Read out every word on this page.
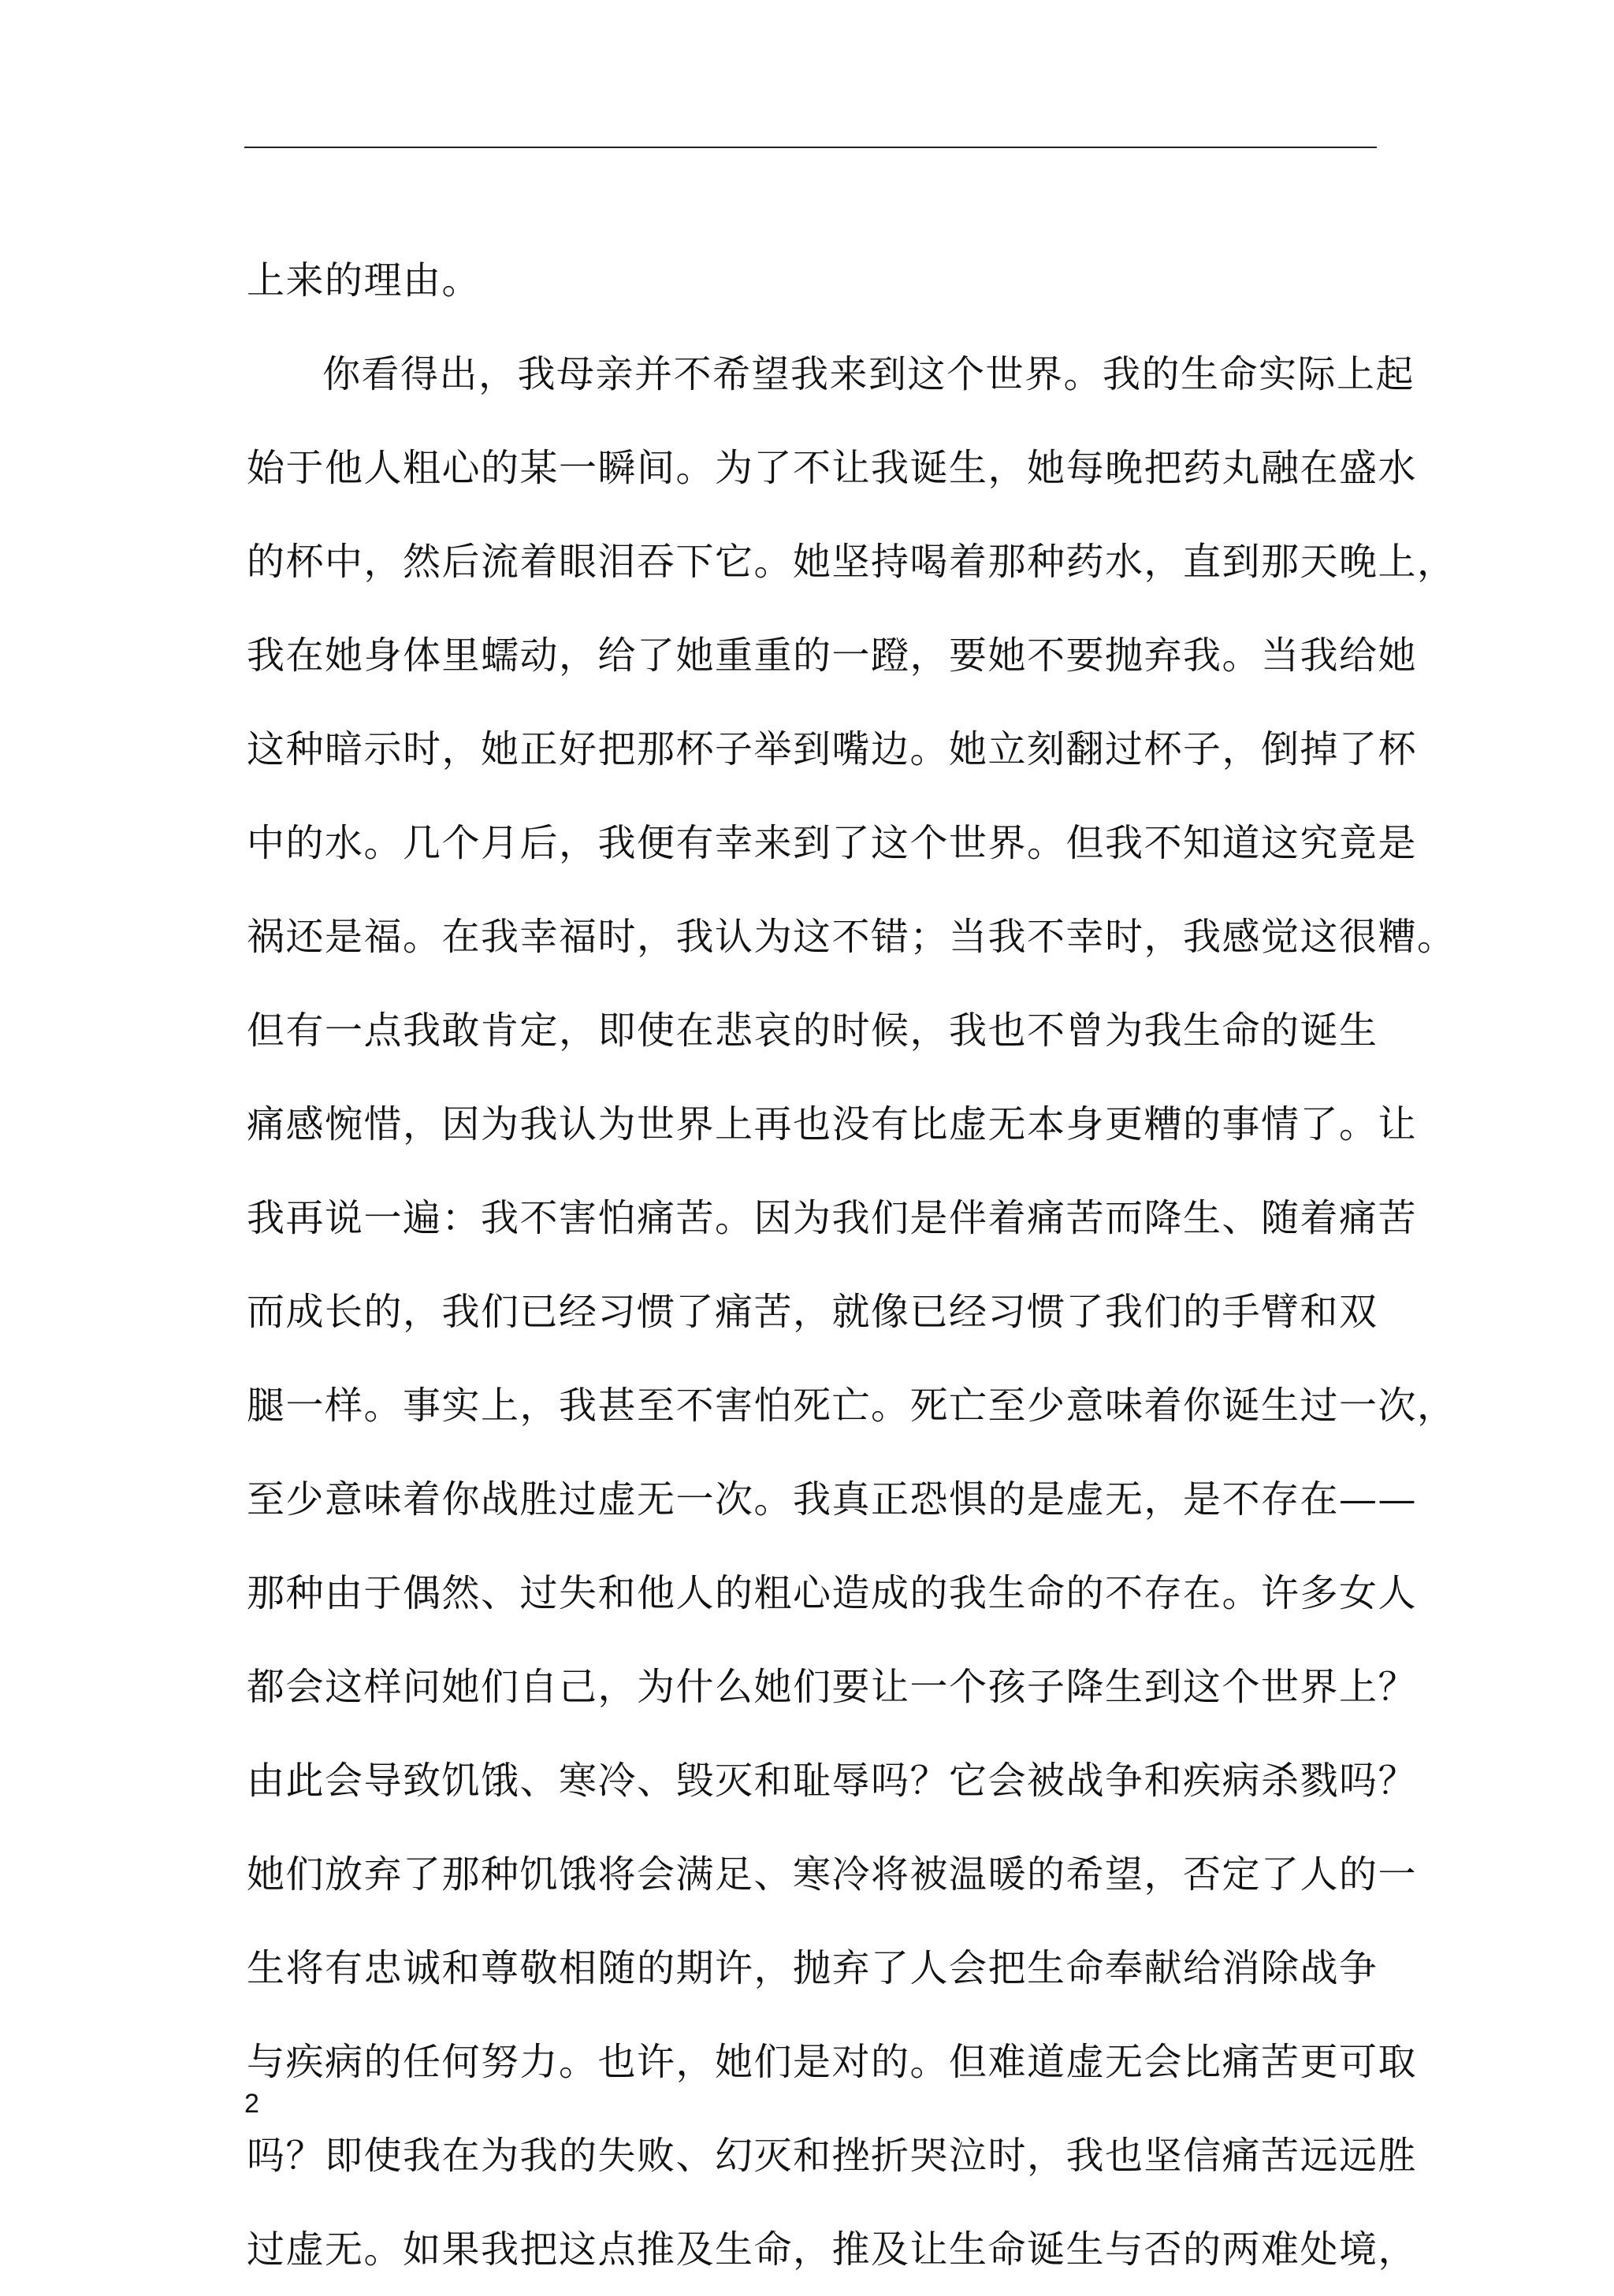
上来的理由。
你看得出，我母亲并不希望我来到这个世界。我的生命实际上起
始于他人粗心的某一瞬间。为了不让我诞生，她每晚把药丸融在盛水
的杯中，然后流着眼泪吞下它。她坚持喝着那种药水，直到那天晚上，
我在她身体里蠕动，给了她重重的一蹬，要她不要抛弃我。当我给她
这种暗示时，她正好把那杯子举到嘴边。她立刻翻过杯子，倒掉了杯
中的水。几个月后，我便有幸来到了这个世界。但我不知道这究竟是
祸还是福。在我幸福时，我认为这不错；当我不幸时，我感觉这很糟。
但有一点我敢肯定，即使在悲哀的时候，我也不曾为我生命的诞生
痛感惋惜，因为我认为世界上再也没有比虚无本身更糟的事情了。让
我再说一遍：我不害怕痛苦。因为我们是伴着痛苦而降生、随着痛苦
而成长的，我们已经习惯了痛苦，就像已经习惯了我们的手臂和双
腿一样。事实上，我甚至不害怕死亡。死亡至少意味着你诞生过一次，
至少意味着你战胜过虚无一次。我真正恐惧的是虚无，是不存在——
那种由于偶然、过失和他人的粗心造成的我生命的不存在。许多女人
都会这样问她们自己，为什么她们要让一个孩子降生到这个世界上？
由此会导致饥饿、寒冷、毁灭和耻辱吗？它会被战争和疾病杀戮吗？
她们放弃了那种饥饿将会满足、寒冷将被温暖的希望，否定了人的一
生将有忠诚和尊敬相随的期许，抛弃了人会把生命奉献给消除战争
与疾病的任何努力。也许，她们是对的。但难道虚无会比痛苦更可取
吗？即使我在为我的失败、幻灭和挫折哭泣时，我也坚信痛苦远远胜
过虚无。如果我把这点推及生命，推及让生命诞生与否的两难处境，
2
